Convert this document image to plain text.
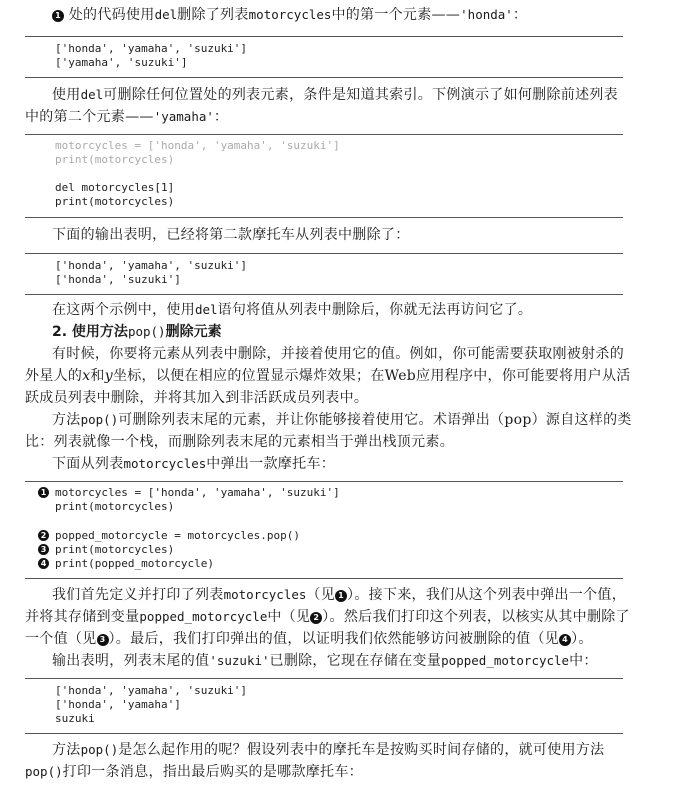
1 处的代码使用del删除了列表motorcycles中的第一个元素——'honda'：

['honda', 'yamaha', 'suzuki']
['yamaha', 'suzuki']

使用del可删除任何位置处的列表元素，条件是知道其索引。下例演示了如何删除前述列表

中的第二个元素——'yamaha'：

motorcycles = ['honda', 'yamaha', 'suzuki']
print(motorcycles)
del motorcycles[1]
print(motorcycles)

下面的输出表明，已经将第二款摩托车从列表中删除了：

['honda', 'yamaha', 'suzuki']
['honda', 'suzuki']

在这两个示例中，使用del语句将值从列表中删除后，你就无法再访问它了。

2. 使用方法pop()删除元素

有时候，你要将元素从列表中删除，并接着使用它的值。例如，你可能需要获取刚被射杀的

外星人的x和y坐标，以便在相应的位置显示爆炸效果；在Web应用程序中，你可能要将用户从活

跃成员列表中删除，并将其加入到非活跃成员列表中。

方法pop()可删除列表末尾的元素，并让你能够接着使用它。术语弹出（pop）源自这样的类

比：列表就像一个栈，而删除列表末尾的元素相当于弹出栈顶元素。

下面从列表motorcycles中弹出一款摩托车：

1 motorcycles = ['honda', 'yamaha', 'suzuki']
print(motorcycles)
2 popped_motorcycle = motorcycles.pop()
3 print(motorcycles)
4 print(popped_motorcycle)

我们首先定义并打印了列表motorcycles（见 1 ）。接下来，我们从这个列表中弹出一个值，

并将其存储到变量popped_motorcycle中（见 2 ）。然后我们打印这个列表，以核实从其中删除了

一个值（见 3 ）。最后，我们打印弹出的值，以证明我们依然能够访问被删除的值（见 4 ）。

输出表明，列表末尾的值'suzuki'已删除，它现在存储在变量popped_motorcycle中：

['honda', 'yamaha', 'suzuki']
['honda', 'yamaha']
suzuki

方法pop()是怎么起作用的呢？假设列表中的摩托车是按购买时间存储的，就可使用方法

pop()打印一条消息，指出最后购买的是哪款摩托车：
